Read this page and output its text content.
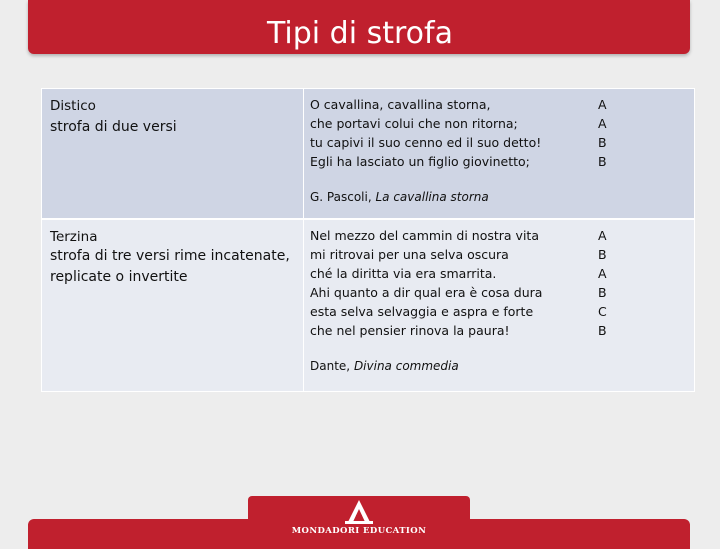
Tipi di strofa
Distico
strofa di due versi
O cavallina, cavallina storna,
che portavi colui che non ritorna;
tu capivi il suo cenno ed il suo detto!
Egli ha lasciato un figlio giovinetto;
G. Pascoli, La cavallina storna
A
A
B
B
Terzina
strofa di tre versi rime incatenate, replicate o invertite
Nel mezzo del cammin di nostra vita
mi ritrovai per una selva oscura
ché la diritta via era smarrita.
Ahi quanto a dir qual era è cosa dura
esta selva selvaggia e aspra e forte
che nel pensier rinova la paura!
Dante, Divina commedia
A
B
A
B
C
B
MONDADORI EDUCATION
